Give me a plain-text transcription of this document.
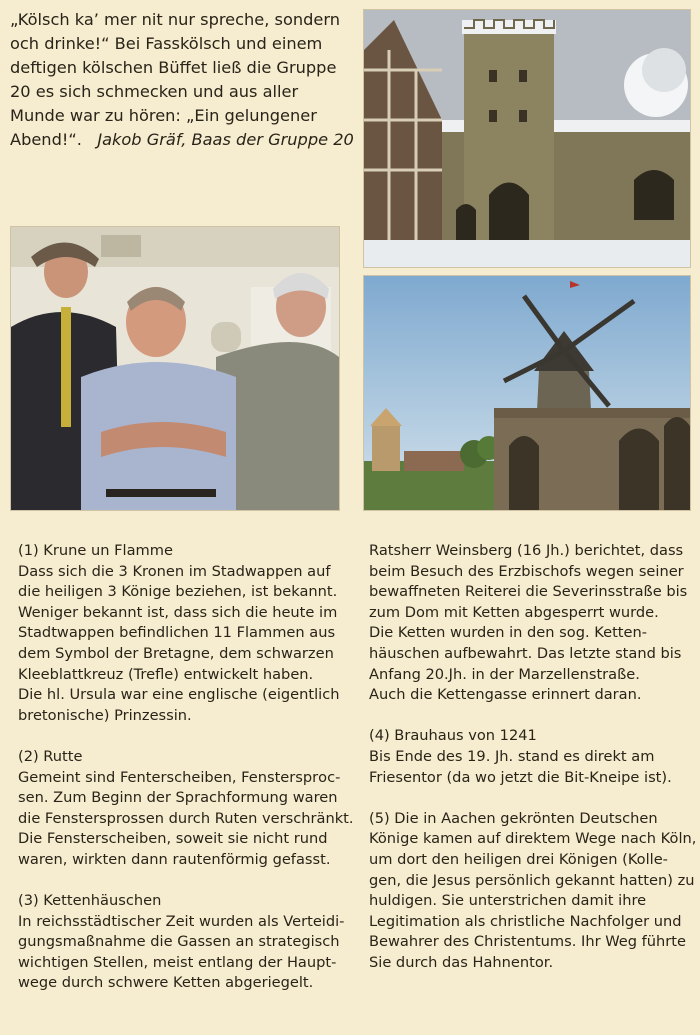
„Kölsch ka’ mer nit nur spreche, sondern
och drinke!“ Bei Fasskölsch und einem
deftigen kölschen Büffet ließ die Gruppe
20 es sich schmecken und aus aller
Munde war zu hören: „Ein gelungener
Abend!“. Jakob Gräf, Baas der Gruppe 20
(1) Krune un Flamme
Dass sich die 3 Kronen im Stadwappen auf
die heiligen 3 Könige beziehen, ist bekannt.
Weniger bekannt ist, dass sich die heute im
Stadtwappen befindlichen 11 Flammen aus
dem Symbol der Bretagne, dem schwarzen
Kleeblattkreuz (Trefle) entwickelt haben.
Die hl. Ursula war eine englische (eigentlich
bretonische) Prinzessin.
(2) Rutte
Gemeint sind Fenterscheiben, Fenstersprос-
sen. Zum Beginn der Sprachformung waren
die Fenstersprossen durch Ruten verschränkt.
Die Fensterscheiben, soweit sie nicht rund
waren, wirkten dann rautenförmig gefasst.
(3) Kettenhäuschen
In reichsstädtischer Zeit wurden als Verteidi-
gungsmaßnahme die Gassen an strategisch
wichtigen Stellen, meist entlang der Haupt-
wege durch schwere Ketten abgeriegelt.
Ratsherr Weinsberg (16 Jh.) berichtet, dass
beim Besuch des Erzbischofs wegen seiner
bewaffneten Reiterei die Severinsstraße bis
zum Dom mit Ketten abgesperrt wurde.
Die Ketten wurden in den sog. Ketten-
häuschen aufbewahrt. Das letzte stand bis
Anfang 20.Jh. in der Marzellenstraße.
Auch die Kettengasse erinnert daran.
(4) Brauhaus von 1241
Bis Ende des 19. Jh. stand es direkt am
Friesentor (da wo jetzt die Bit-Kneipe ist).
(5) Die in Aachen gekrönten Deutschen
Könige kamen auf direktem Wege nach Köln,
um dort den heiligen drei Königen (Kolle-
gen, die Jesus persönlich gekannt hatten) zu
huldigen. Sie unterstrichen damit ihre
Legitimation als christliche Nachfolger und
Bewahrer des Christentums. Ihr Weg führte
Sie durch das Hahnentor.
